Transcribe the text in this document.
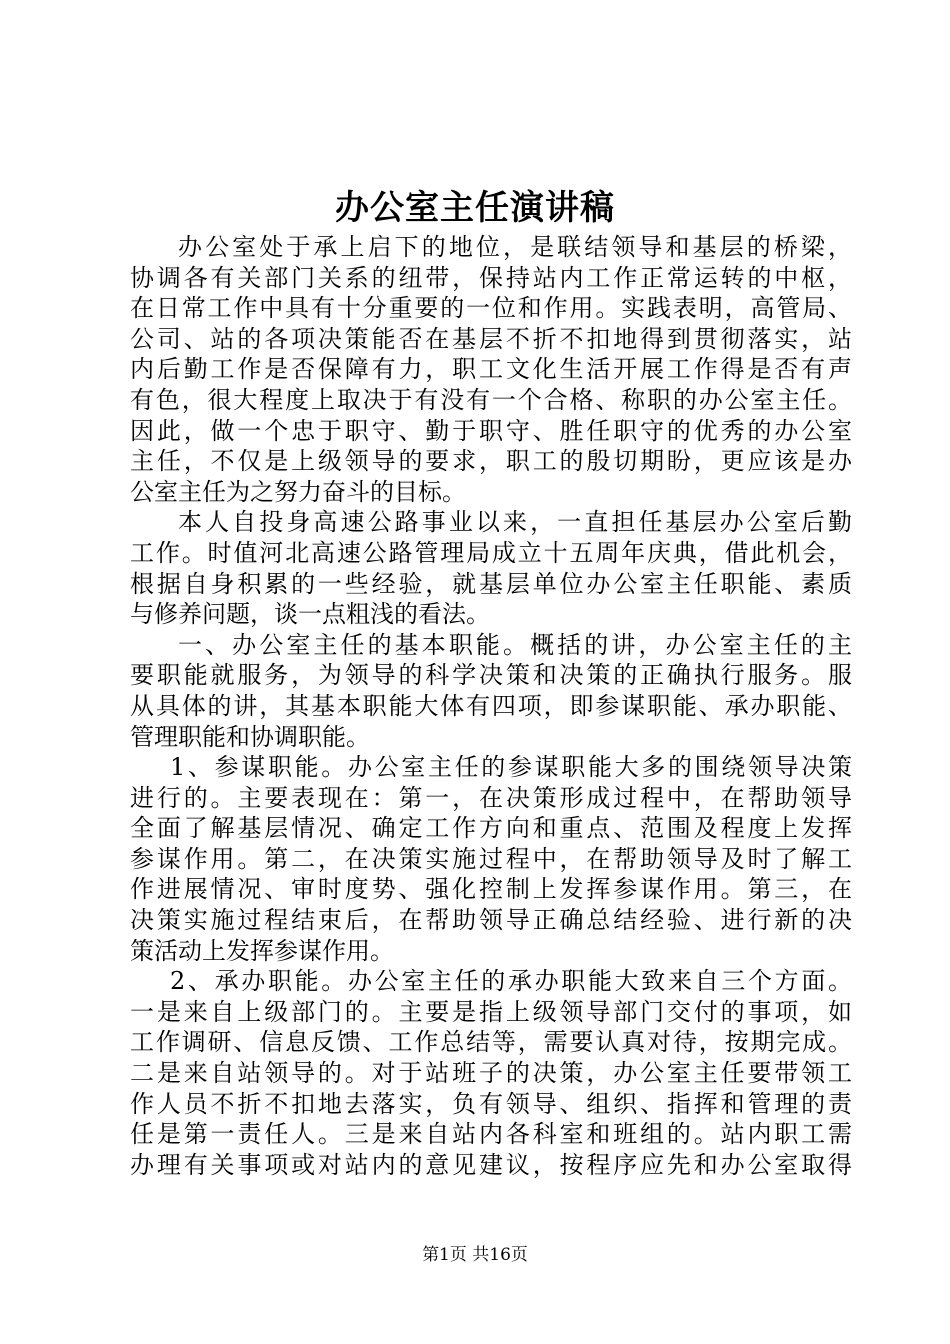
办公室主任演讲稿
办公室处于承上启下的地位，是联结领导和基层的桥梁，
协调各有关部门关系的纽带，保持站内工作正常运转的中枢，
在日常工作中具有十分重要的一位和作用。实践表明，高管局、
公司、站的各项决策能否在基层不折不扣地得到贯彻落实，站
内后勤工作是否保障有力，职工文化生活开展工作得是否有声
有色，很大程度上取决于有没有一个合格、称职的办公室主任。
因此，做一个忠于职守、勤于职守、胜任职守的优秀的办公室
主任，不仅是上级领导的要求，职工的殷切期盼，更应该是办
公室主任为之努力奋斗的目标。
本人自投身高速公路事业以来，一直担任基层办公室后勤
工作。时值河北高速公路管理局成立十五周年庆典，借此机会，
根据自身积累的一些经验，就基层单位办公室主任职能、素质
与修养问题，谈一点粗浅的看法。
一、办公室主任的基本职能。概括的讲，办公室主任的主
要职能就服务，为领导的科学决策和决策的正确执行服务。服
从具体的讲，其基本职能大体有四项，即参谋职能、承办职能、
管理职能和协调职能。
1、参谋职能。办公室主任的参谋职能大多的围绕领导决策
进行的。主要表现在：第一，在决策形成过程中，在帮助领导
全面了解基层情况、确定工作方向和重点、范围及程度上发挥
参谋作用。第二，在决策实施过程中，在帮助领导及时了解工
作进展情况、审时度势、强化控制上发挥参谋作用。第三，在
决策实施过程结束后，在帮助领导正确总结经验、进行新的决
策活动上发挥参谋作用。
2、承办职能。办公室主任的承办职能大致来自三个方面。
一是来自上级部门的。主要是指上级领导部门交付的事项，如
工作调研、信息反馈、工作总结等，需要认真对待，按期完成。
二是来自站领导的。对于站班子的决策，办公室主任要带领工
作人员不折不扣地去落实，负有领导、组织、指挥和管理的责
任是第一责任人。三是来自站内各科室和班组的。站内职工需
办理有关事项或对站内的意见建议，按程序应先和办公室取得
第1页 共16页
